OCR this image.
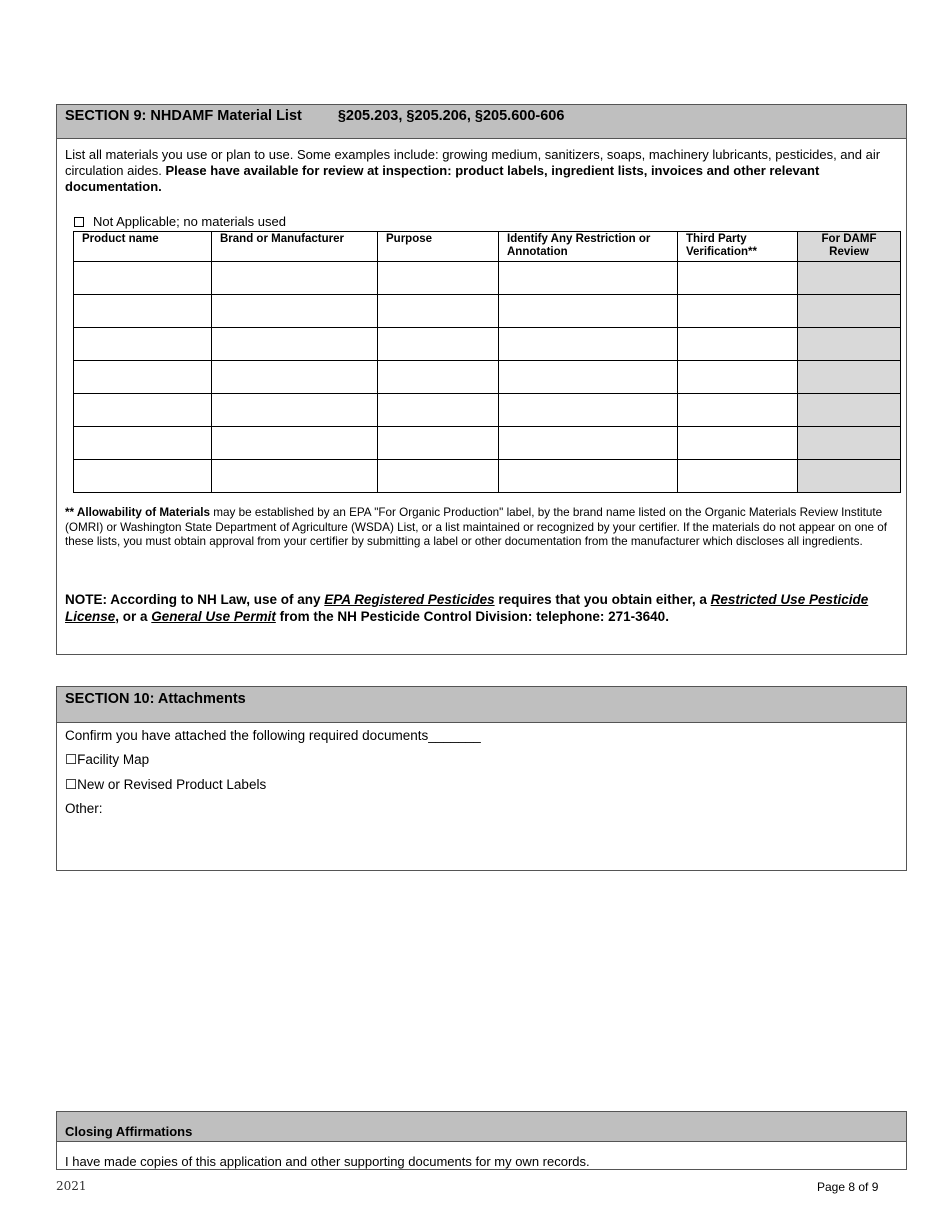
SECTION 9: NHDAMF Material List §205.203, §205.206, §205.600-606
List all materials you use or plan to use. Some examples include: growing medium, sanitizers, soaps, machinery lubricants, pesticides, and air circulation aides. Please have available for review at inspection: product labels, ingredient lists, invoices and other relevant documentation.
Not Applicable; no materials used
Product name	Brand or Manufacturer	Purpose	Identify Any Restriction or Annotation	Third Party Verification**	For DAMF Review

** Allowability of Materials may be established by an EPA "For Organic Production" label, by the brand name listed on the Organic Materials Review Institute (OMRI) or Washington State Department of Agriculture (WSDA) List, or a list maintained or recognized by your certifier. If the materials do not appear on one of these lists, you must obtain approval from your certifier by submitting a label or other documentation from the manufacturer which discloses all ingredients.
NOTE: According to NH Law, use of any EPA Registered Pesticides requires that you obtain either, a Restricted Use Pesticide License, or a General Use Permit from the NH Pesticide Control Division: telephone: 271-3640.
SECTION 10: Attachments
Confirm you have attached the following required documents_______
☐Facility Map
☐New or Revised Product Labels
Other:
Closing Affirmations
I have made copies of this application and other supporting documents for my own records.
2021	Page 8 of 9
